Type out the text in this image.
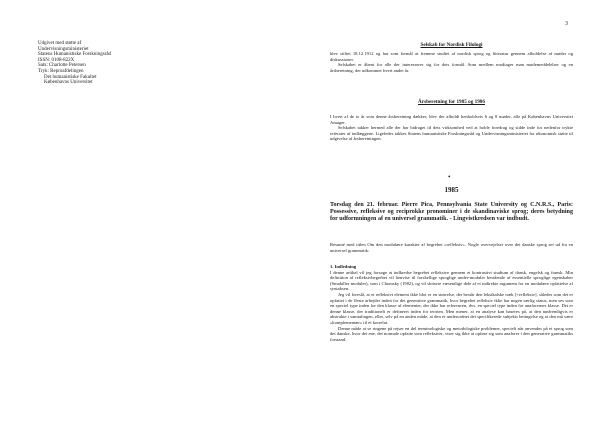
Udgivet med støtte af
Undervisningsministeriet
Statens Humanistiske Forskningsråd
ISSN: 0108-822X
Sats: Charlotte Petersen
Tryk: Reproafdelingen
Det humanistiske Fakultet
Københavns Universitet
3
Selskab for Nordisk Filologi

blev stiftet 18.12.1912 og har som formål at fremme studiet af nordisk sprog og litteratur gennem afholdelse af møder og diskussioner.

Selskabet er åbent for alle der interesserer sig for dets formål. Som medlem modtager man mødemeddelelser og en årsberetning, der udkommer hvert andet år.

Årsberetning for 1985 og 1986

I hvert af de to år som denne årsberetning dækker, blev der afholdt henholdsvis 6 og 8 møder, alle på Københavns Universitet Amager.

Selskabet takker hermed alle der har bidraget til dets virksomhed ved at holde foredrag og sidde inde for nedenfor trykte referater af indlæggene. Ligeledes takkes Statens humanistiske Forskningsråd og Undervisningsministeriet for økonomisk støtte til udgivelse af årsberetningen.

•
1985
Torsdag den 21. februar. Pierre Pica, Pennsylvania State University og C.N.R.S., Paris: Possessive, refleksive og reciprokke pronominer i de skandinaviske sprog; deres betydning for udformningen af en universel grammatik. - Lingvistkredsen var indbudt.
Resumé med titlen Om den modulære karakter af begrebet «refleksiv». Nogle overvejelser over det danske sprog set ud fra en universel grammatik:
1. Indledning

I denne artikel vil jeg forsøge at indkredse begrebet refleksive gennem et kontrastivt studium af dansk, engelsk og fransk. Min definition af refleksivbegrebet vil henvise til forskellige sproglige under-moduler bestående af essentielle sproglige egenskaber (Smakiller moduler), som i Chomsky (1982), og vil skitsere væsentlige dele af et indirekte argument for en modulære opfattelse af syntaksen.

Jeg vil foreslå, at et refleksivt element ikke blot er en størrelse, der består den leksikalske træk [+refleksiv], således som det er opfattet i de fleste arbejder inden for det generative grammatik, hvor begrebet refleksiv ikke har nogen særlig status, men ses som en speciel type inden for den klasse af elementer, der ikke har referencen, dvs. en speciel type inden for anaforernes klasse. Det er denne klasse, der traditionelt er defineret inden for teorien. Men mener, at en analyse kan baseres på, at den nødvendigvis er abstrakte i samtalingen, eller, selv på en anden måde, at den er underordnet det specifikerede subjekts betingelse og at den må være »komplementær« til et korrelat.

Denne måde at se ringene på rejser en del terminologiske og metodologiske problemer, specielt når anvendes på et sprog som det danske, hvor det ene, det normale opfatte som refleksiver, viser sig ikke at opføre sig som anaforer i den generative grammatiks forstand.
